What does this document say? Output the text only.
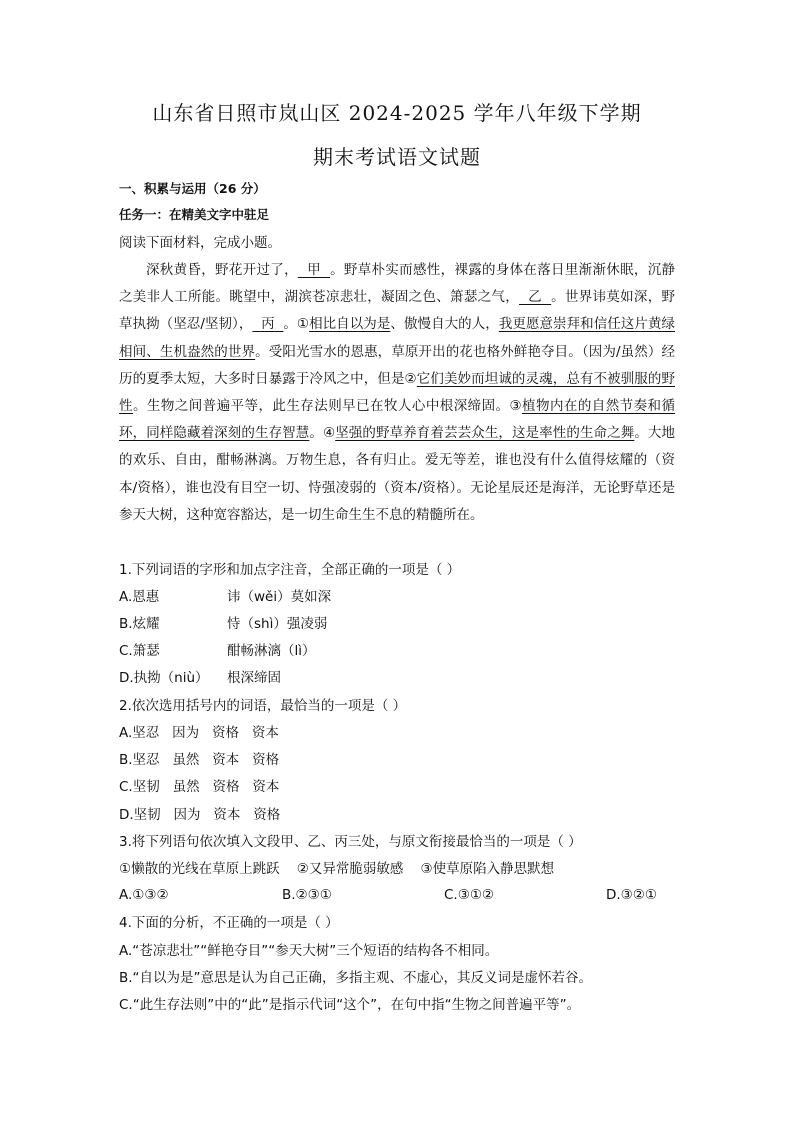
山东省日照市岚山区 2024-2025 学年八年级下学期
期末考试语文试题
一、积累与运用（26 分）
任务一：在精美文字中驻足
阅读下面材料，完成小题。
深秋黄昏，野花开过了，  甲  。野草朴实而感性，裸露的身体在落日里渐渐休眠，沉静之美非人工所能。眺望中，湖滨苍凉悲壮，凝固之色、箫瑟之气，  乙  。世界讳莫如深，野草执拗（坚忍/坚韧），  丙  。①相比自以为是、傲慢自大的人，我更愿意崇拜和信任这片黄绿相间、生机盎然的世界。受阳光雪水的恩惠，草原开出的花也格外鲜艳夺目。（因为/虽然）经历的夏季太短，大多时日暴露于冷风之中，但是②它们美妙而坦诚的灵魂，总有不被驯服的野性。生物之间普遍平等，此生存法则早已在牧人心中根深缔固。③植物内在的自然节奏和循环，同样隐藏着深刻的生存智慧。④坚强的野草养育着芸芸众生，这是率性的生命之舞。大地的欢乐、自由，酣畅淋漓。万物生息，各有归止。爱无等差，谁也没有什么值得炫耀的（资本/资格），谁也没有目空一切、恃强凌弱的（资本/资格）。无论星辰还是海洋，无论野草还是参天大树，这种宽容豁达，是一切生命生生不息的精髓所在。
1.下列词语的字形和加点字注音，全部正确的一项是（ ）
A.恩惠	讳（wěi）莫如深
B.炫耀	恃（shì）强凌弱
C.箫瑟	酣畅淋漓（lì）
D.执拗（niù） 根深缔固
2.依次选用括号内的词语，最恰当的一项是（ ）
A.坚忍   因为   资格   资本
B.坚忍   虽然   资本   资格
C.坚韧   虽然   资格   资本
D.坚韧   因为   资本   资格
3.将下列语句依次填入文段甲、乙、丙三处，与原文衔接最恰当的一项是（ ）
①懒散的光线在草原上跳跃    ②又异常脆弱敏感    ③使草原陷入静思默想
A.①③②	B.②③①	C.③①②	D.③②①
4.下面的分析，不正确的一项是（ ）
A.“苍凉悲壮”“鲜艳夺目”“参天大树”三个短语的结构各不相同。
B.“自以为是”意思是认为自己正确，多指主观、不虚心，其反义词是虚怀若谷。
C.“此生存法则”中的“此”是指示代词“这个”，在句中指“生物之间普遍平等”。
